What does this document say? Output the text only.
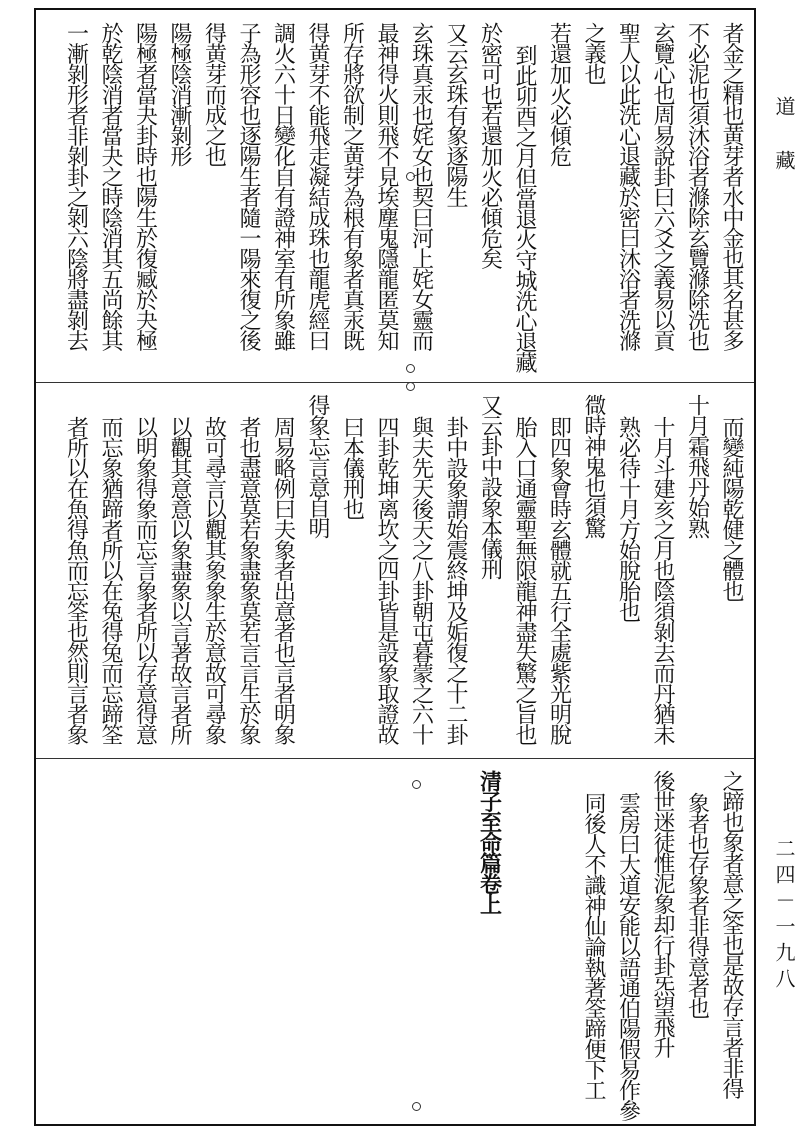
者金之精也黄芽者水中金也其名甚多
不必泥也須沐浴者滌除玄覽滌除洗也
玄覽心也周易說卦曰六爻之義易以貢
聖人以此洗心退藏於密曰沐浴者洗滌
之義也
若還加火必傾危
到此卯酉之月但當退火守城洗心退藏
於密可也若還加火必傾危矣
又云玄珠有象逐陽生
玄珠真汞也姹女也契曰河上姹女靈而
最神得火則飛不見埃塵鬼隱龍匿莫知
所存將欲制之黄芽為根有象者真汞既
得黄芽不能飛走凝結成珠也龍虎經曰
調火六十日變化自有證神室有所象雖
子為形容也逐陽生者隨一陽來復之後
得黄芽而成之也
陽極陰消漸剝形
陽極者當夬卦時也陽生於復臧於夬極
於乾陰消者當夬之時陰消其五尚餘其
一漸剝形者非剝卦之剝六陰將盡剝去
而變純陽乾健之體也
十月霜飛丹始熟
十月斗建亥之月也陰須剝去而丹猶未
熟必待十月方始脫胎也
㣲時神鬼也須驚
即四象會時玄體就五行全處紫光明脫
胎入口通靈聖無限龍神盡失驚之旨也
又云卦中設象本儀刑
卦中設象謂始震終坤及姤復之十二卦
與夫先天後天之八卦朝屯暮蒙之六十
四卦乾坤离坎之四卦皆是設象取證故
曰本儀刑也
得象忘言意自明
周易略例曰夫象者出意者也言者明象
者也盡意莫若象盡象莫若言言生於象
故可尋言以觀其象象生於意故可尋象
以觀其意意以象盡象以言著故言者所
以明象得象而忘言象者所以存意得意
而忘象猶蹄者所以在兔得兔而忘蹄筌
者所以在魚得魚而忘筌也然則言者象
之蹄也象者意之筌也是故存言者非得
象者也存象者非得意者也
後世迷徒惟泥象却行卦炁望飛升
雲房曰大道安能以語通伯陽假易作參
同後人不識神仙論執著筌蹄便下工
清子至命篇卷上
道藏
二四－一九八
